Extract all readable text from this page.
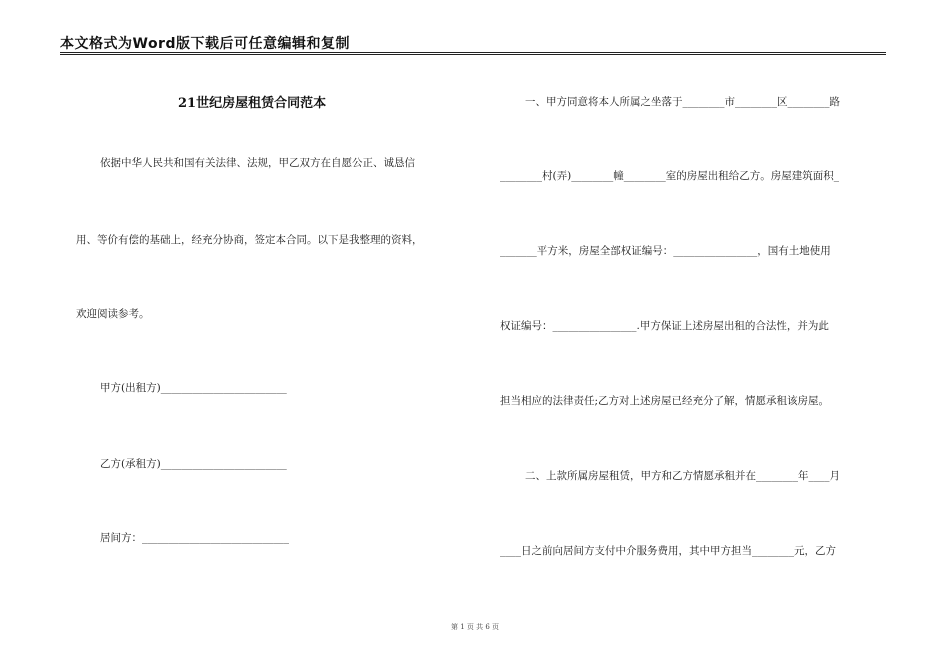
本文格式为Word版下载后可任意编辑和复制
21世纪房屋租赁合同范本
依据中华人民共和国有关法律、法规，甲乙双方在自愿公正、诚恳信
用、等价有偿的基础上，经充分协商，签定本合同。以下是我整理的资料，
欢迎阅读参考。
甲方(出租方)________________________
乙方(承租方)________________________
居间方：____________________________
一、甲方同意将本人所属之坐落于________市________区________路
________村(弄)________幢________室的房屋出租给乙方。房屋建筑面积_
_______平方米，房屋全部权证编号：________________，国有土地使用
权证编号：________________.甲方保证上述房屋出租的合法性，并为此
担当相应的法律责任;乙方对上述房屋已经充分了解，情愿承租该房屋。
二、上款所属房屋租赁，甲方和乙方情愿承租并在________年____月
____日之前向居间方支付中介服务费用，其中甲方担当________元，乙方
第 1 页 共 6 页
